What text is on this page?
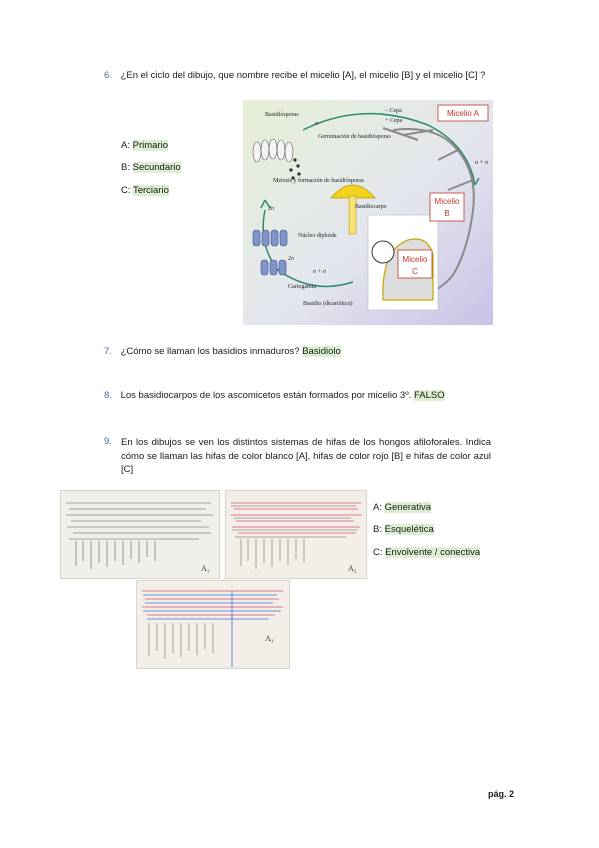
6. ¿En el ciclo del dibujo, que nombre recibe el micelio [A], el micelio [B] y el micelio [C] ?
A: Primario
B: Secundario
C: Terciario
Basidiósporas
Germinación de basidiósporas
Meiosis y formación de basidiósporas
Basidiocarpo
Núcleo diploide
Basidio (dicariótico)
Cariogamia
– Cepa
+ Cepa
n
2n
2n
n + n
n + n
Micelio A
Micelio
B
Micelio
C
7. ¿Cómo se llaman los basidios inmaduros? Basidiolo
8. Los basidiocarpos de los ascomicetos están formados por micelio 3º. FALSO
9. En los dibujos se ven los distintos sistemas de hifas de los hongos afiloforales. Indica cómo se llaman las hifas de color blanco [A], hifas de color rojo [B] e hifas de color azul [C]
A₁	A₂
A₃
A: Generativa
B: Esquelética
C: Envolvente / conectiva
pág. 2
